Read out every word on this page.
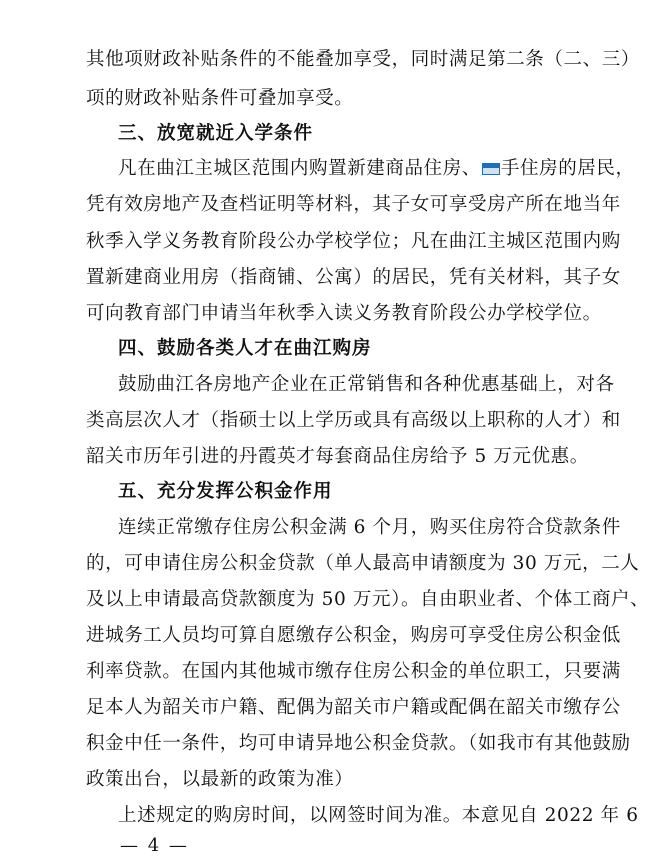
其他项财政补贴条件的不能叠加享受，同时满足第二条（二、三）
项的财政补贴条件可叠加享受。
三、放宽就近入学条件
凡在曲江主城区范围内购置新建商品住房、 手住房的居民，
凭有效房地产及查档证明等材料，其子女可享受房产所在地当年
秋季入学义务教育阶段公办学校学位；凡在曲江主城区范围内购
置新建商业用房（指商铺、公寓）的居民，凭有关材料，其子女
可向教育部门申请当年秋季入读义务教育阶段公办学校学位。
四、鼓励各类人才在曲江购房
鼓励曲江各房地产企业在正常销售和各种优惠基础上，对各
类高层次人才（指硕士以上学历或具有高级以上职称的人才）和
韶关市历年引进的丹霞英才每套商品住房给予 5 万元优惠。
五、充分发挥公积金作用
连续正常缴存住房公积金满 6 个月，购买住房符合贷款条件
的，可申请住房公积金贷款（单人最高申请额度为 30 万元，二人
及以上申请最高贷款额度为 50 万元）。自由职业者、个体工商户、
进城务工人员均可算自愿缴存公积金，购房可享受住房公积金低
利率贷款。在国内其他城市缴存住房公积金的单位职工，只要满
足本人为韶关市户籍、配偶为韶关市户籍或配偶在韶关市缴存公
积金中任一条件，均可申请异地公积金贷款。（如我市有其他鼓励
政策出台，以最新的政策为准）
上述规定的购房时间，以网签时间为准。本意见自 2022 年 6
— 4 —
